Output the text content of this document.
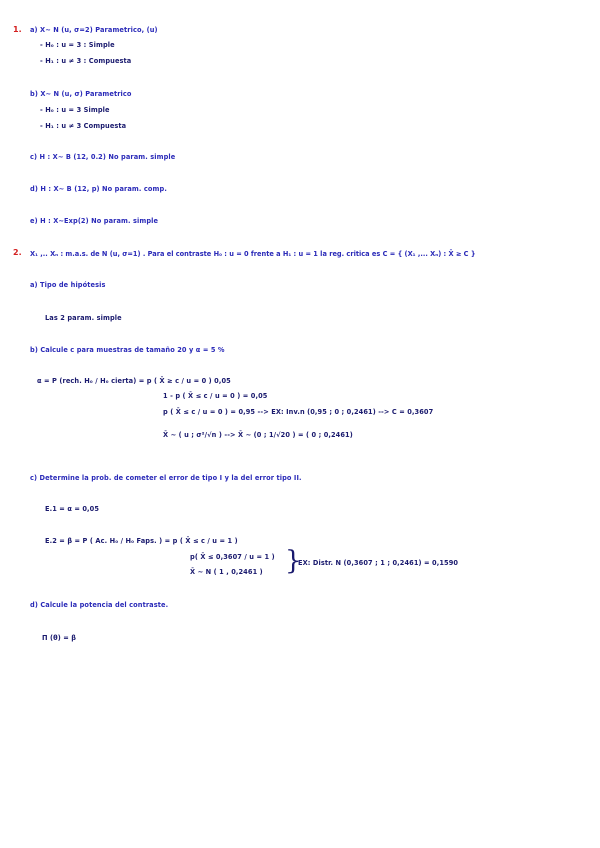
1. a) X~ N (u, σ=2) Parametrico, (u)
- H₀ : u = 3 : Simple
- H₁ : u ≠ 3 : Compuesta
b) X~ N (u, σ) Parametrico
- H₀ : u = 3 Simple
- H₁ : u ≠ 3 Compuesta
c) H : X~ B (12, 0.2) No param. simple
d) H : X~ B (12, p) No param. comp.
e) H : X~Exp(2) No param. simple
2. X₁ ,.. Xₙ : m.a.s. de N (u, σ=1) . Para el contraste H₀ : u = 0 frente a H₁ : u = 1 la reg. critica es C = { (X₁ ,... Xₙ) : X̄ ≥ C }
a) Tipo de hipótesis
Las 2 param. simple
b) Calcule c para muestras de tamaño 20 y α = 5 %
α = P (rech. H₀ / H₀ cierta) = p ( X̄ ≥ c / u = 0 ) 0,05
1 - p ( X̄ ≤ c / u = 0 ) = 0,05
p ( X̄ ≤ c / u = 0 ) = 0,95 --> EX: Inv.n (0,95 ; 0 ; 0,2461) --> C = 0,3607
X̄ ~ ( u ; σ²/√n ) --> X̄ ~ (0 ; 1/√20 ) = ( 0 ; 0,2461)
c) Determine la prob. de cometer el error de tipo I y la del error tipo II.
E.1 = α = 0,05
E.2 = β = P ( Ac. H₀ / H₀ Faps. ) = p ( X̄ ≤ c / u = 1 )
p( X̄ ≤ 0,3607 / u = 1 )
X̄ ~ N ( 1 , 0,2461 ) }
EX: Distr. N (0,3607 ; 1 ; 0,2461) = 0,1590
d) Calcule la potencia del contraste.
Π (θ) = β
